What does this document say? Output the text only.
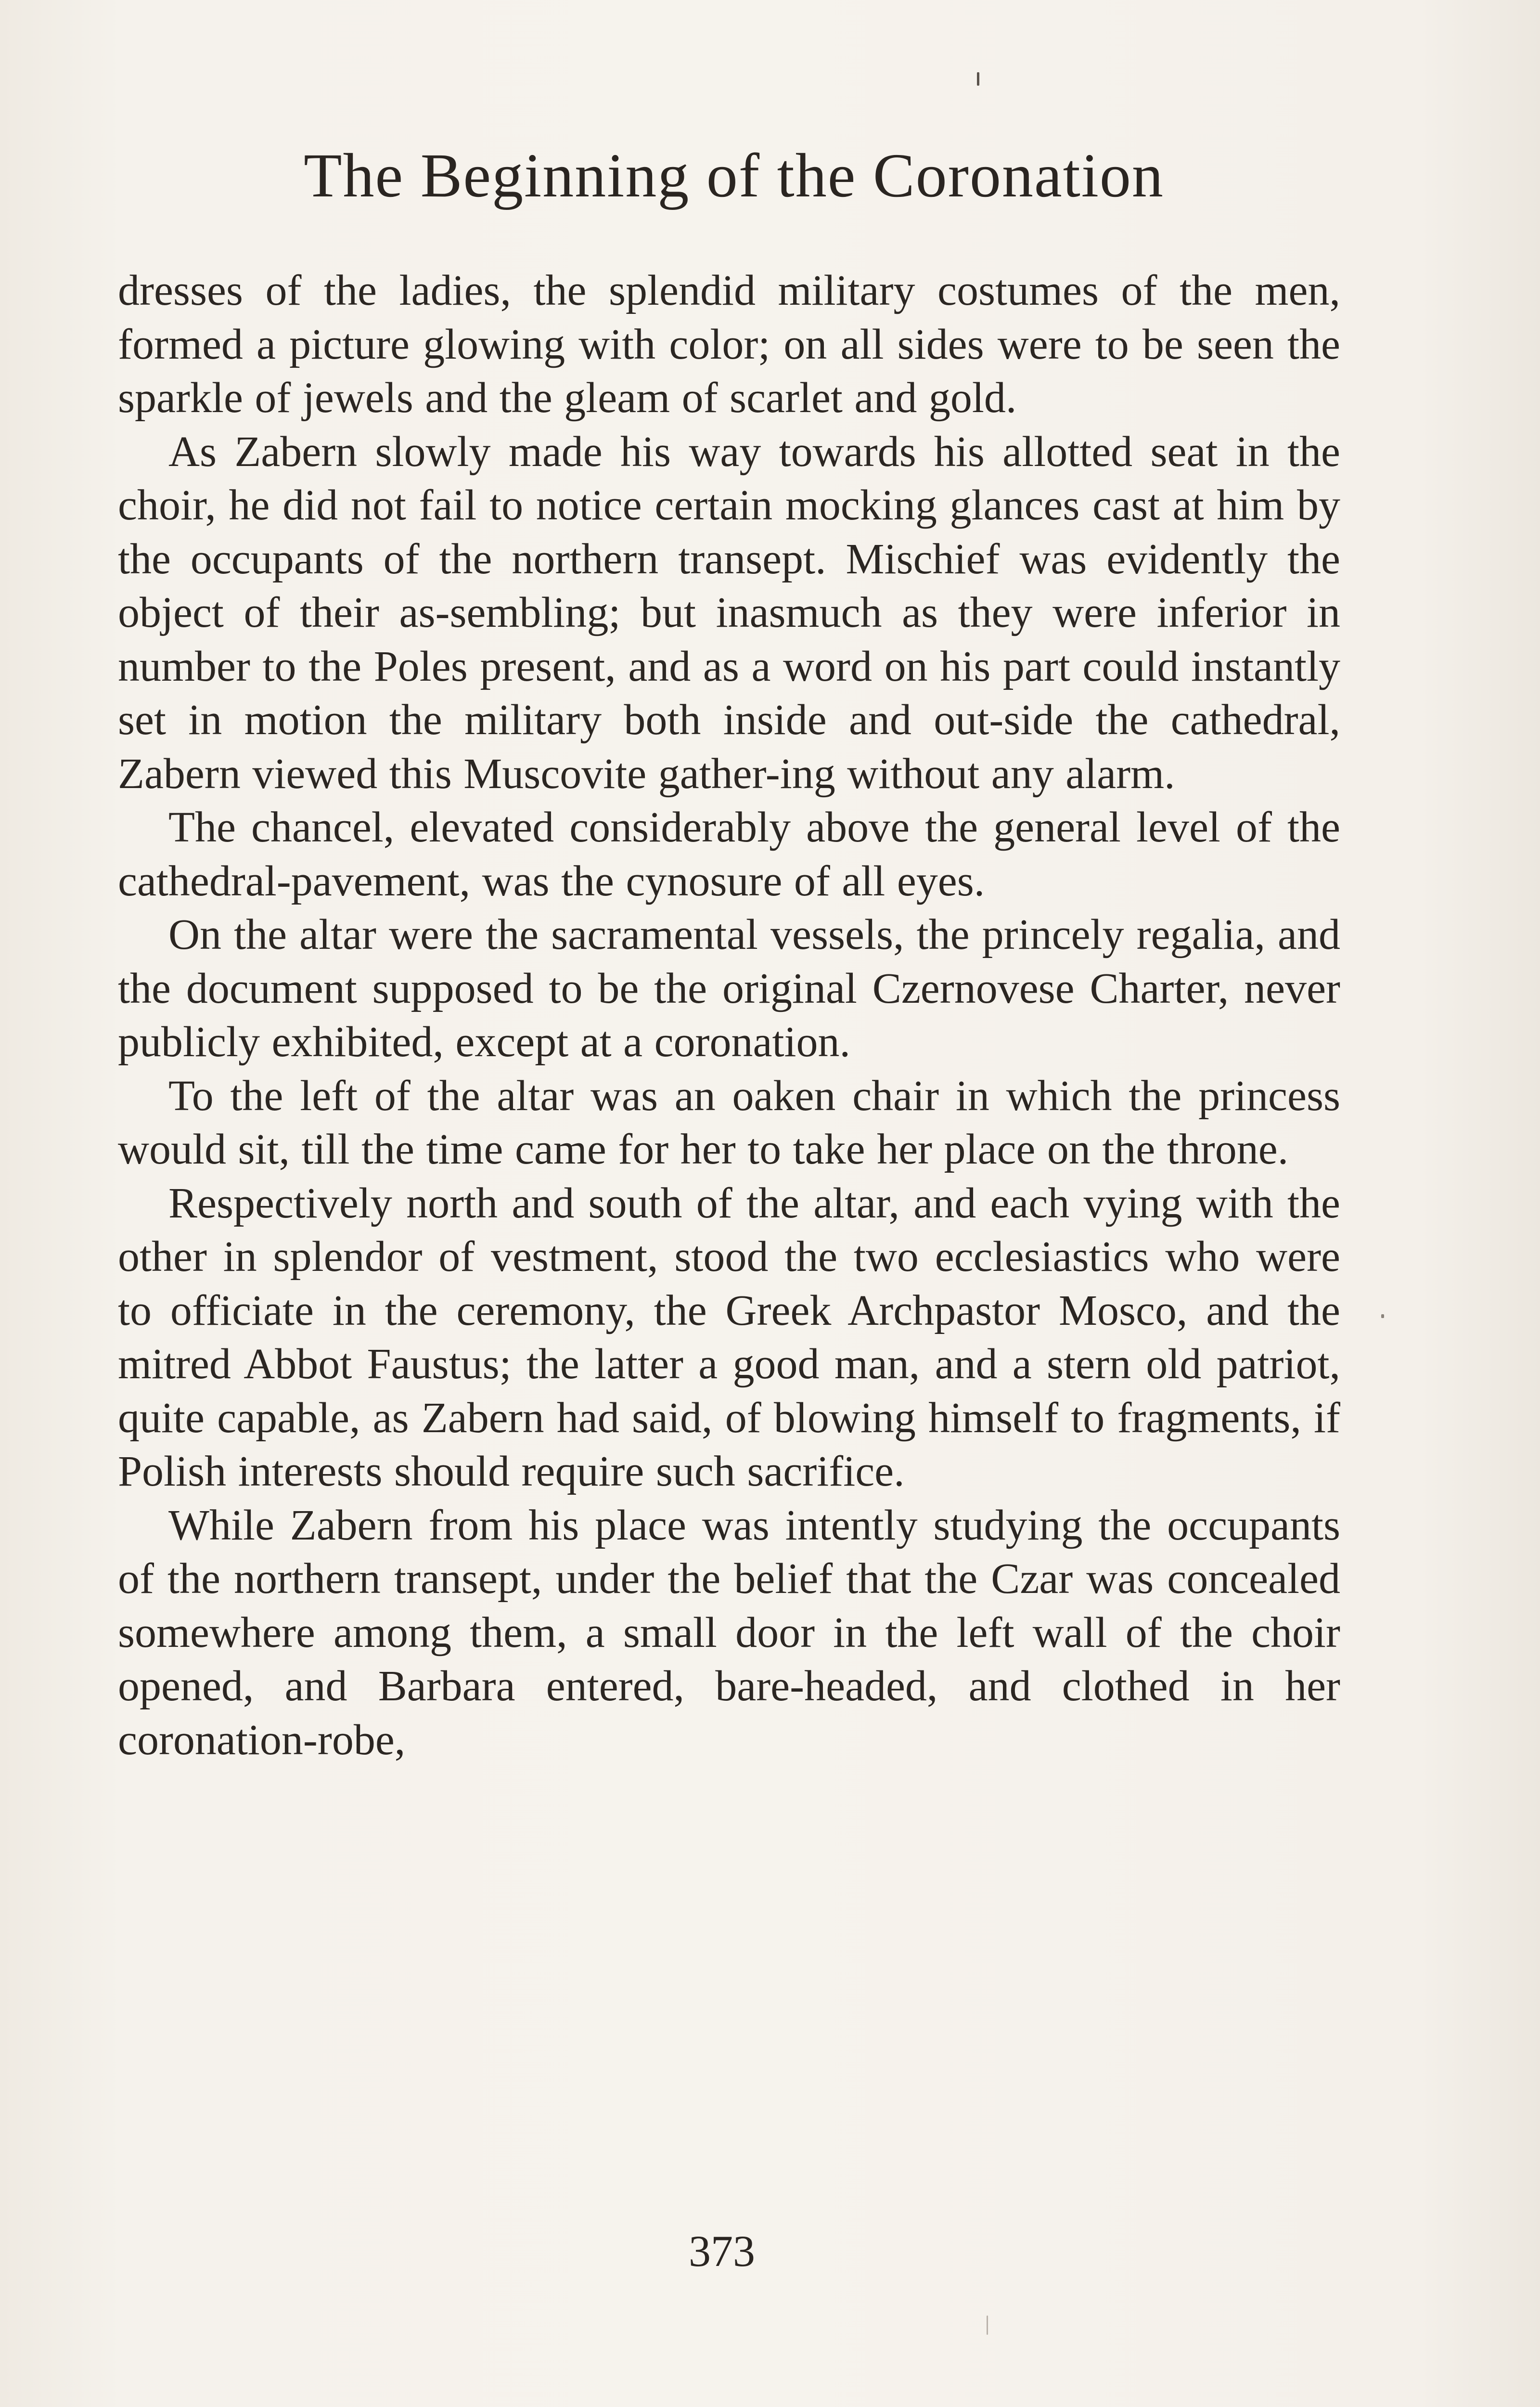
The Beginning of the Coronation

dresses of the ladies, the splendid military costumes of the men, formed a picture glowing with color; on all sides were to be seen the sparkle of jewels and the gleam of scarlet and gold.

As Zabern slowly made his way towards his allotted seat in the choir, he did not fail to notice certain mocking glances cast at him by the occupants of the northern transept. Mischief was evidently the object of their as-sembling; but inasmuch as they were inferior in number to the Poles present, and as a word on his part could instantly set in motion the military both inside and out-side the cathedral, Zabern viewed this Muscovite gather-ing without any alarm.

The chancel, elevated considerably above the general level of the cathedral-pavement, was the cynosure of all eyes.

On the altar were the sacramental vessels, the princely regalia, and the document supposed to be the original Czernovese Charter, never publicly exhibited, except at a coronation.

To the left of the altar was an oaken chair in which the princess would sit, till the time came for her to take her place on the throne.

Respectively north and south of the altar, and each vying with the other in splendor of vestment, stood the two ecclesiastics who were to officiate in the ceremony, the Greek Archpastor Mosco, and the mitred Abbot Faustus; the latter a good man, and a stern old patriot, quite capable, as Zabern had said, of blowing himself to fragments, if Polish interests should require such sacrifice.

While Zabern from his place was intently studying the occupants of the northern transept, under the belief that the Czar was concealed somewhere among them, a small door in the left wall of the choir opened, and Barbara entered, bare-headed, and clothed in her coronation-robe,

373
